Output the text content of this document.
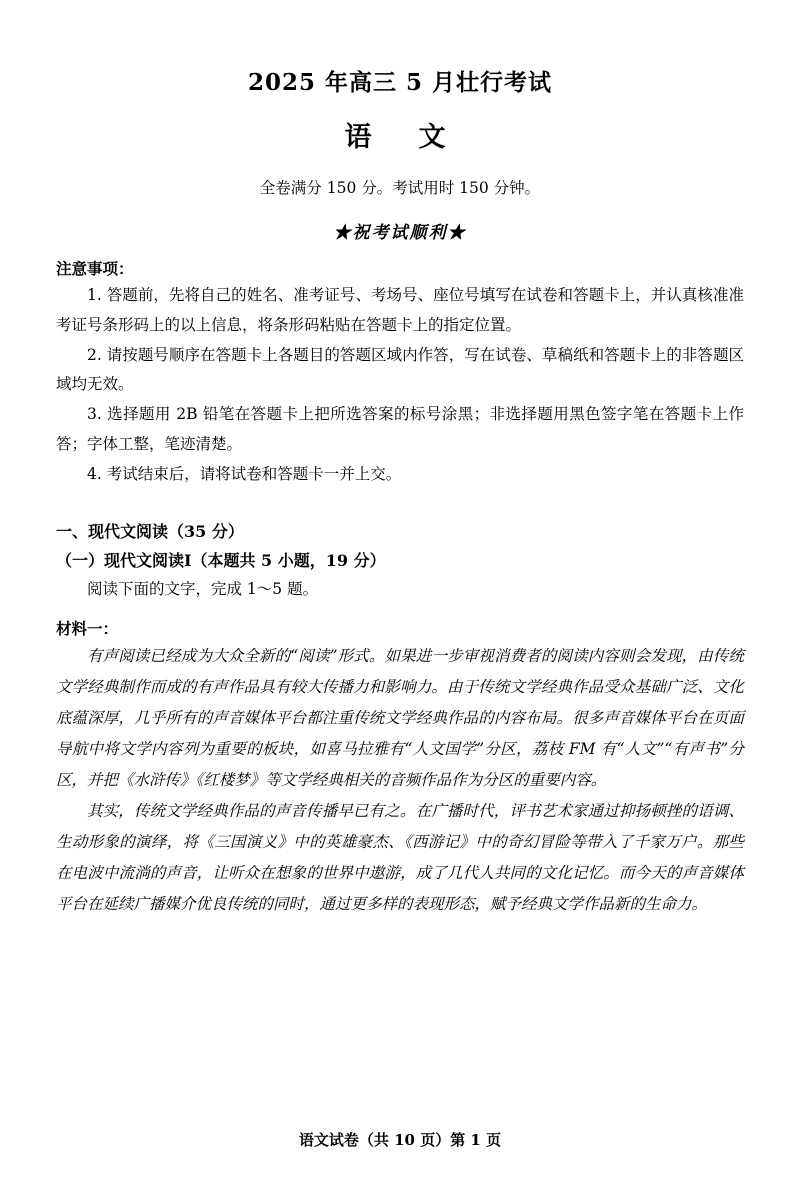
2025 年高三 5 月壮行考试
语　文
全卷满分 150 分。考试用时 150 分钟。
★祝考试顺利★
注意事项：

1. 答题前，先将自己的姓名、准考证号、考场号、座位号填写在试卷和答题卡上，并认真核准准考证号条形码上的以上信息，将条形码粘贴在答题卡上的指定位置。

2. 请按题号顺序在答题卡上各题目的答题区域内作答，写在试卷、草稿纸和答题卡上的非答题区域均无效。

3. 选择题用 2B 铅笔在答题卡上把所选答案的标号涂黑；非选择题用黑色签字笔在答题卡上作答；字体工整，笔迹清楚。

4. 考试结束后，请将试卷和答题卡一并上交。

一、现代文阅读（35 分）
（一）现代文阅读Ⅰ（本题共 5 小题，19 分）

阅读下面的文字，完成 1～5 题。

材料一：

有声阅读已经成为大众全新的“阅读”形式。如果进一步审视消费者的阅读内容则会发现，由传统文学经典制作而成的有声作品具有较大传播力和影响力。由于传统文学经典作品受众基础广泛、文化底蕴深厚，几乎所有的声音媒体平台都注重传统文学经典作品的内容布局。很多声音媒体平台在页面导航中将文学内容列为重要的板块，如喜马拉雅有“人文国学”分区，荔枝 FM 有“人文”“有声书”分区，并把《水浒传》《红楼梦》等文学经典相关的音频作品作为分区的重要内容。

其实，传统文学经典作品的声音传播早已有之。在广播时代，评书艺术家通过抑扬顿挫的语调、生动形象的演绎，将《三国演义》中的英雄豪杰、《西游记》中的奇幻冒险等带入了千家万户。那些在电波中流淌的声音，让听众在想象的世界中遨游，成了几代人共同的文化记忆。而今天的声音媒体平台在延续广播媒介优良传统的同时，通过更多样的表现形态，赋予经典文学作品新的生命力。

语文试卷（共 10 页）第 1 页
